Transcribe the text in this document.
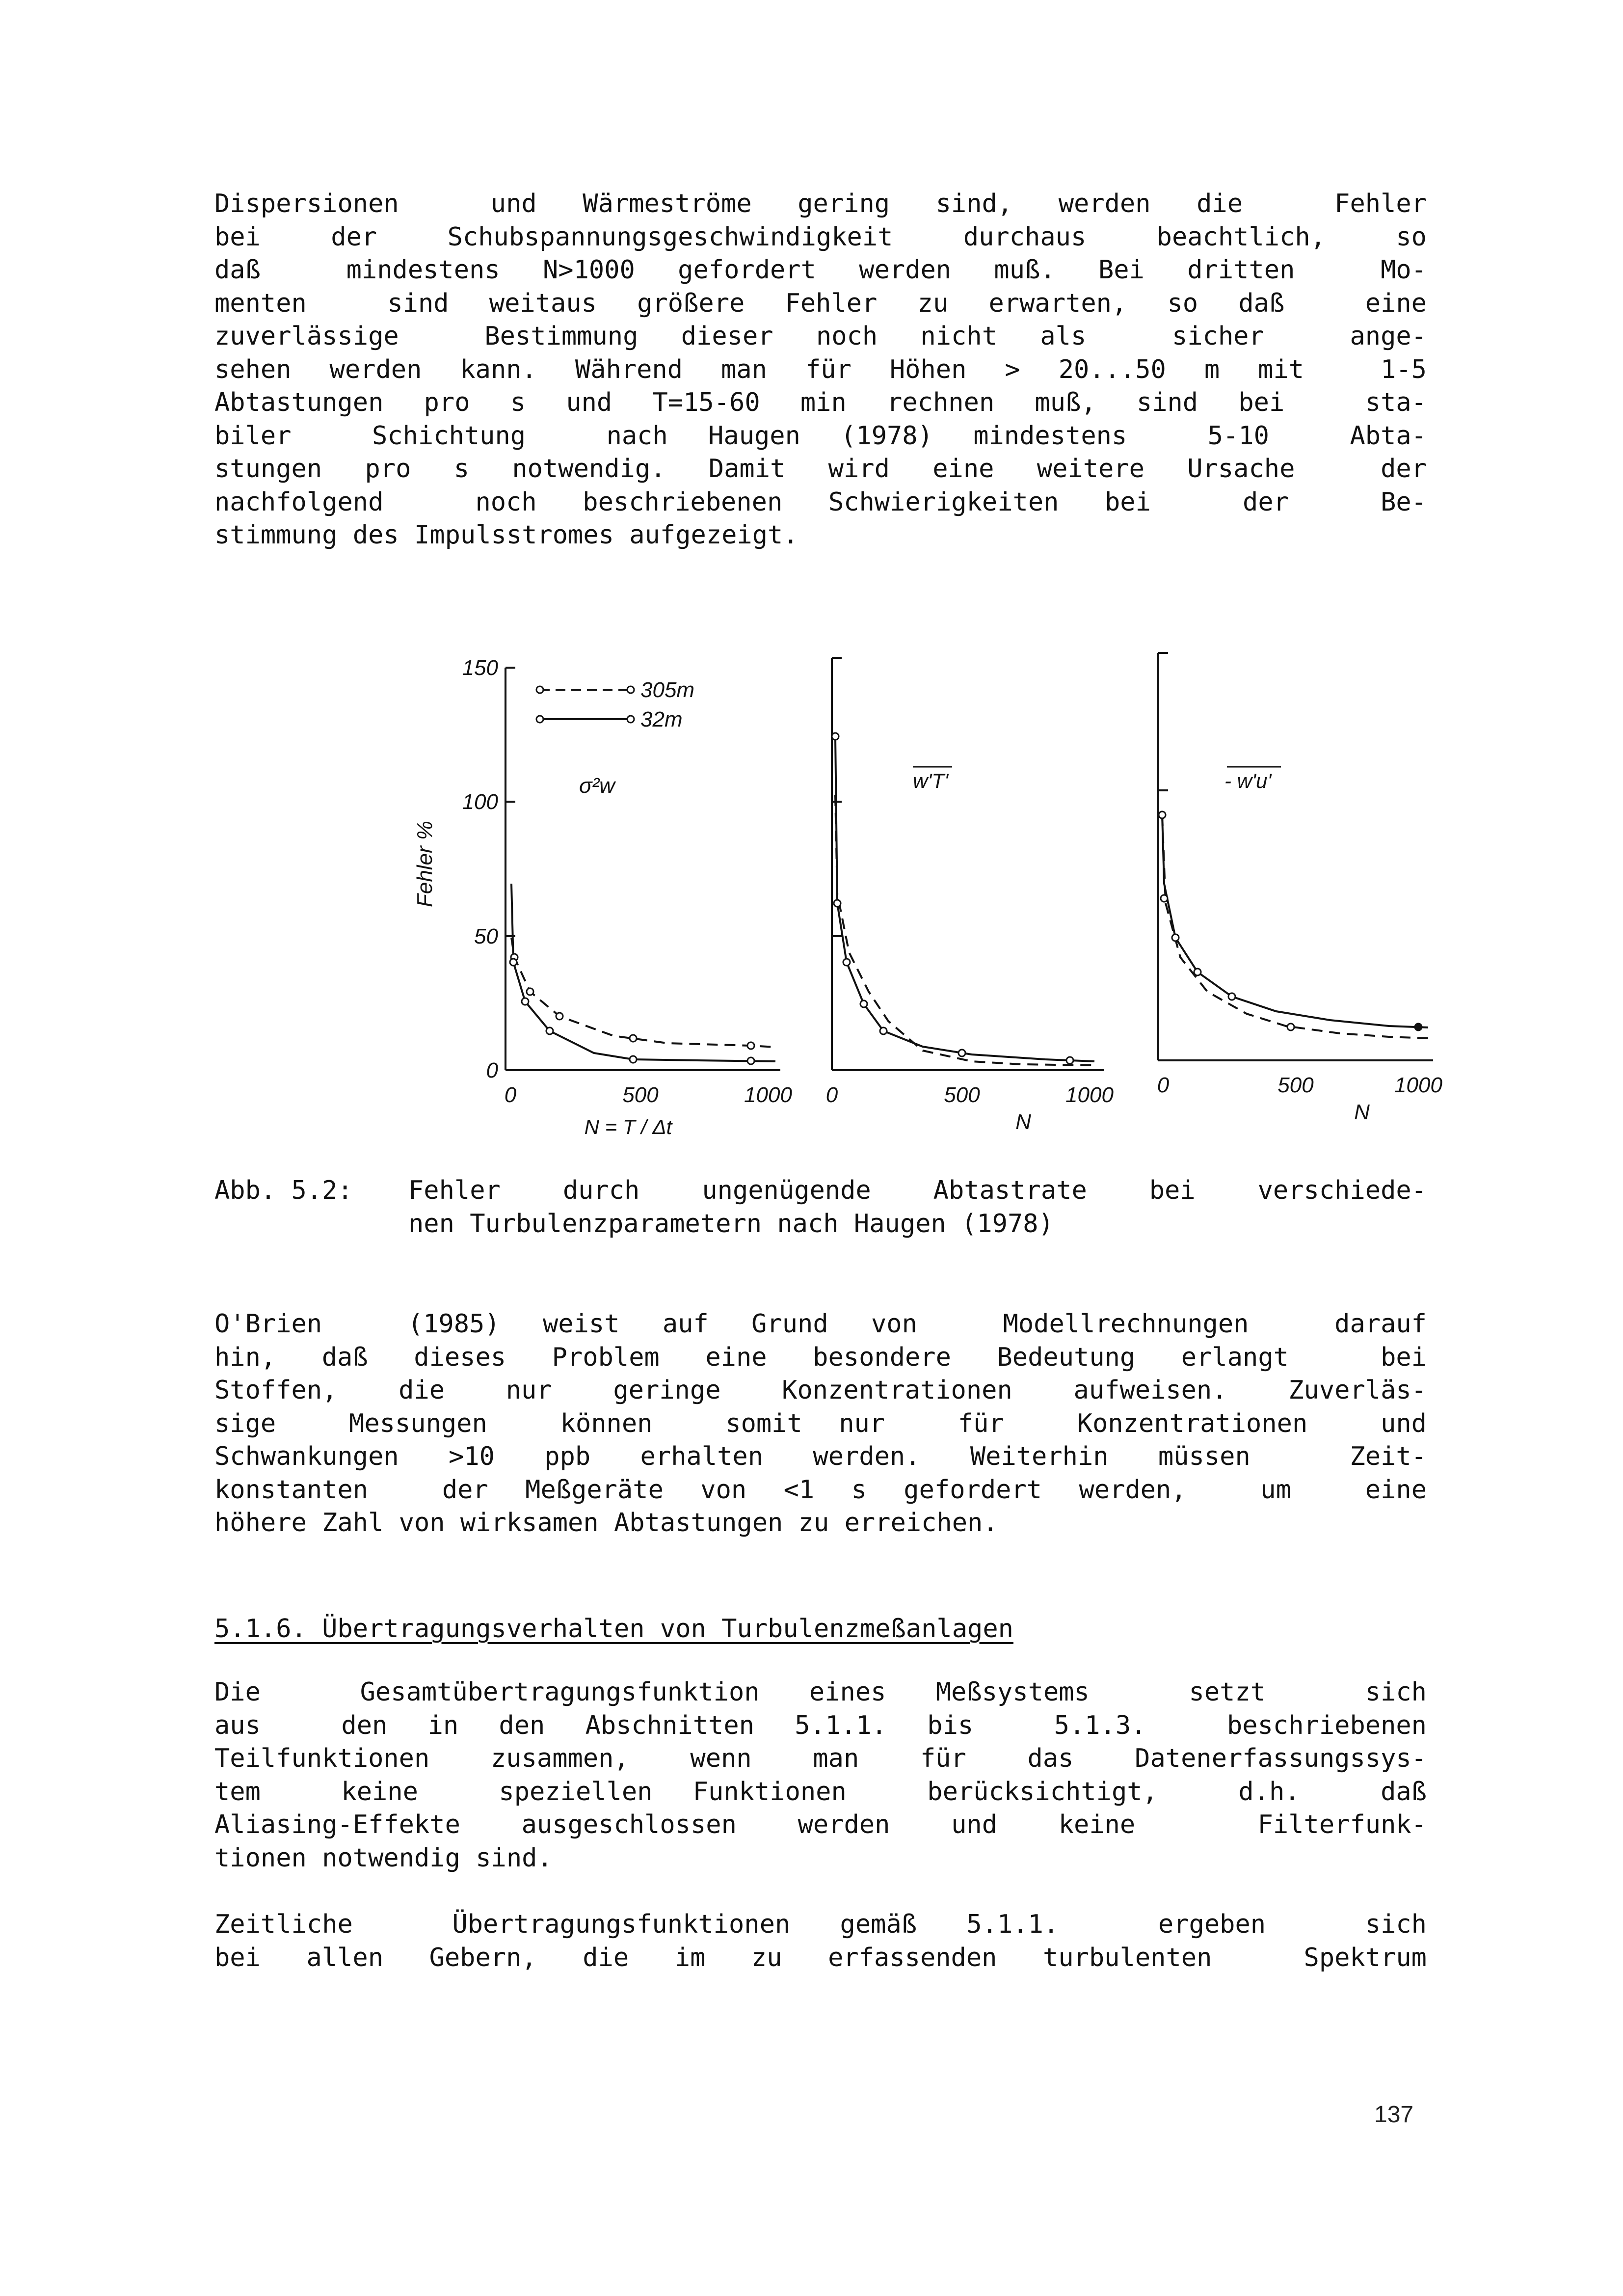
Dispersionen  und Wärmeströme gering sind, werden die  Fehler
bei der Schubspannungsgeschwindigkeit durchaus beachtlich, so
daß  mindestens N>1000 gefordert werden muß. Bei dritten  Mo-
menten  sind weitaus größere Fehler zu erwarten, so daß  eine
zuverlässige  Bestimmung dieser noch nicht als  sicher  ange-
sehen werden kann. Während man für Höhen > 20...50 m mit  1-5
Abtastungen pro s und T=15-60 min rechnen muß, sind bei  sta-
biler  Schichtung  nach Haugen (1978) mindestens  5-10  Abta-
stungen pro s notwendig. Damit wird eine weitere Ursache  der
nachfolgend  noch beschriebenen Schwierigkeiten bei  der  Be-
stimmung des Impulsstromes aufgezeigt.
150
100
50
0
Fehler %
0	500	1000
N = T / Δt
σ²w
305m
32m
w'T'
0	500	1000
N
- w'u'
0	500	1000
N
Abb. 5.2: Fehler durch ungenügende Abtastrate bei verschiede-
nen Turbulenzparametern nach Haugen (1978)
O'Brien  (1985) weist auf Grund von  Modellrechnungen  darauf
hin, daß dieses Problem eine besondere Bedeutung erlangt  bei
Stoffen, die nur geringe Konzentrationen aufweisen. Zuverläs-
sige  Messungen  können  somit nur  für  Konzentrationen  und
Schwankungen >10 ppb erhalten werden. Weiterhin müssen  Zeit-
konstanten  der Meßgeräte von <1 s gefordert werden,  um  eine
höhere Zahl von wirksamen Abtastungen zu erreichen.
5.1.6. Übertragungsverhalten von Turbulenzmeßanlagen
Die  Gesamtübertragungsfunktion eines Meßsystems  setzt  sich
aus  den in den Abschnitten 5.1.1. bis  5.1.3.  beschriebenen
Teilfunktionen zusammen, wenn man für das Datenerfassungssys-
tem  keine  speziellen Funktionen  berücksichtigt,  d.h.  daß
Aliasing-Effekte ausgeschlossen werden und keine  Filterfunk-
tionen notwendig sind.
Zeitliche  Übertragungsfunktionen gemäß 5.1.1.  ergeben  sich
bei allen Gebern, die im zu erfassenden turbulenten  Spektrum
137
